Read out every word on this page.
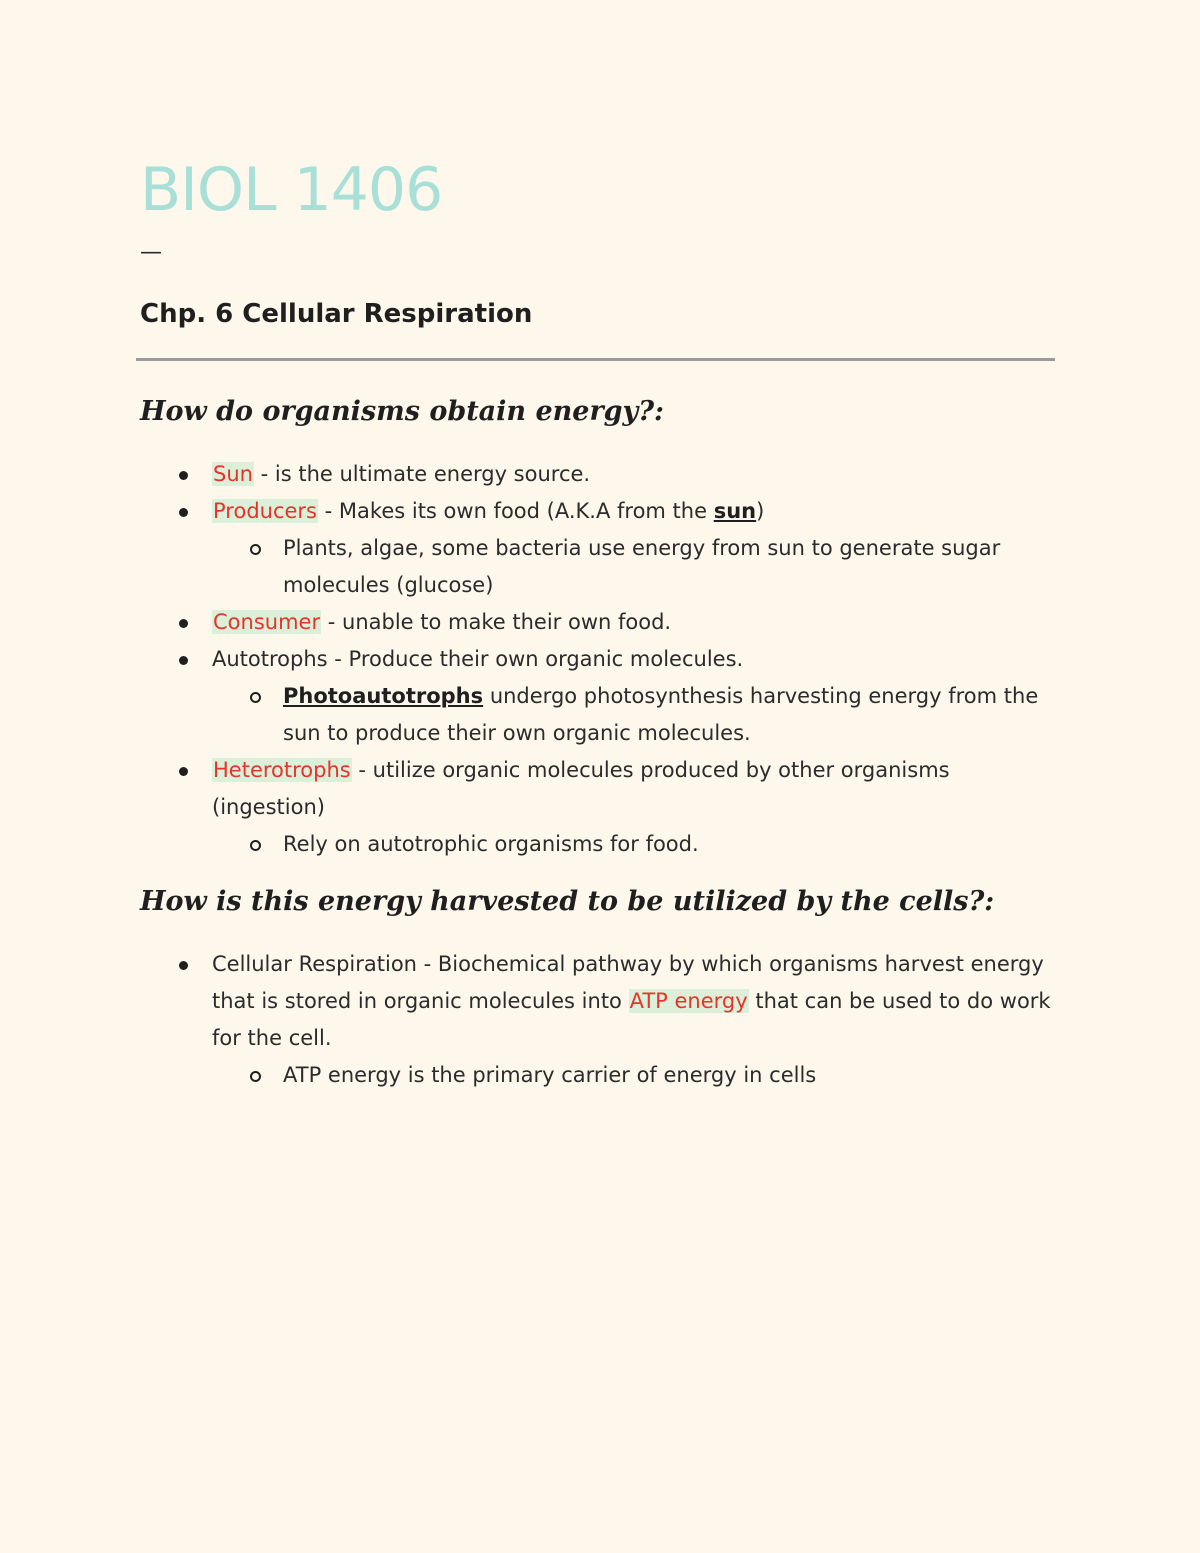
BIOL 1406
—
Chp. 6 Cellular Respiration
How do organisms obtain energy?:
Sun - is the ultimate energy source.
Producers - Makes its own food (A.K.A from the sun)
Plants, algae, some bacteria use energy from sun to generate sugar molecules (glucose)
Consumer - unable to make their own food.
Autotrophs - Produce their own organic molecules.
Photoautotrophs undergo photosynthesis harvesting energy from the sun to produce their own organic molecules.
Heterotrophs - utilize organic molecules produced by other organisms (ingestion)
Rely on autotrophic organisms for food.
How is this energy harvested to be utilized by the cells?:
Cellular Respiration - Biochemical pathway by which organisms harvest energy that is stored in organic molecules into ATP energy that can be used to do work for the cell.
ATP energy is the primary carrier of energy in cells
